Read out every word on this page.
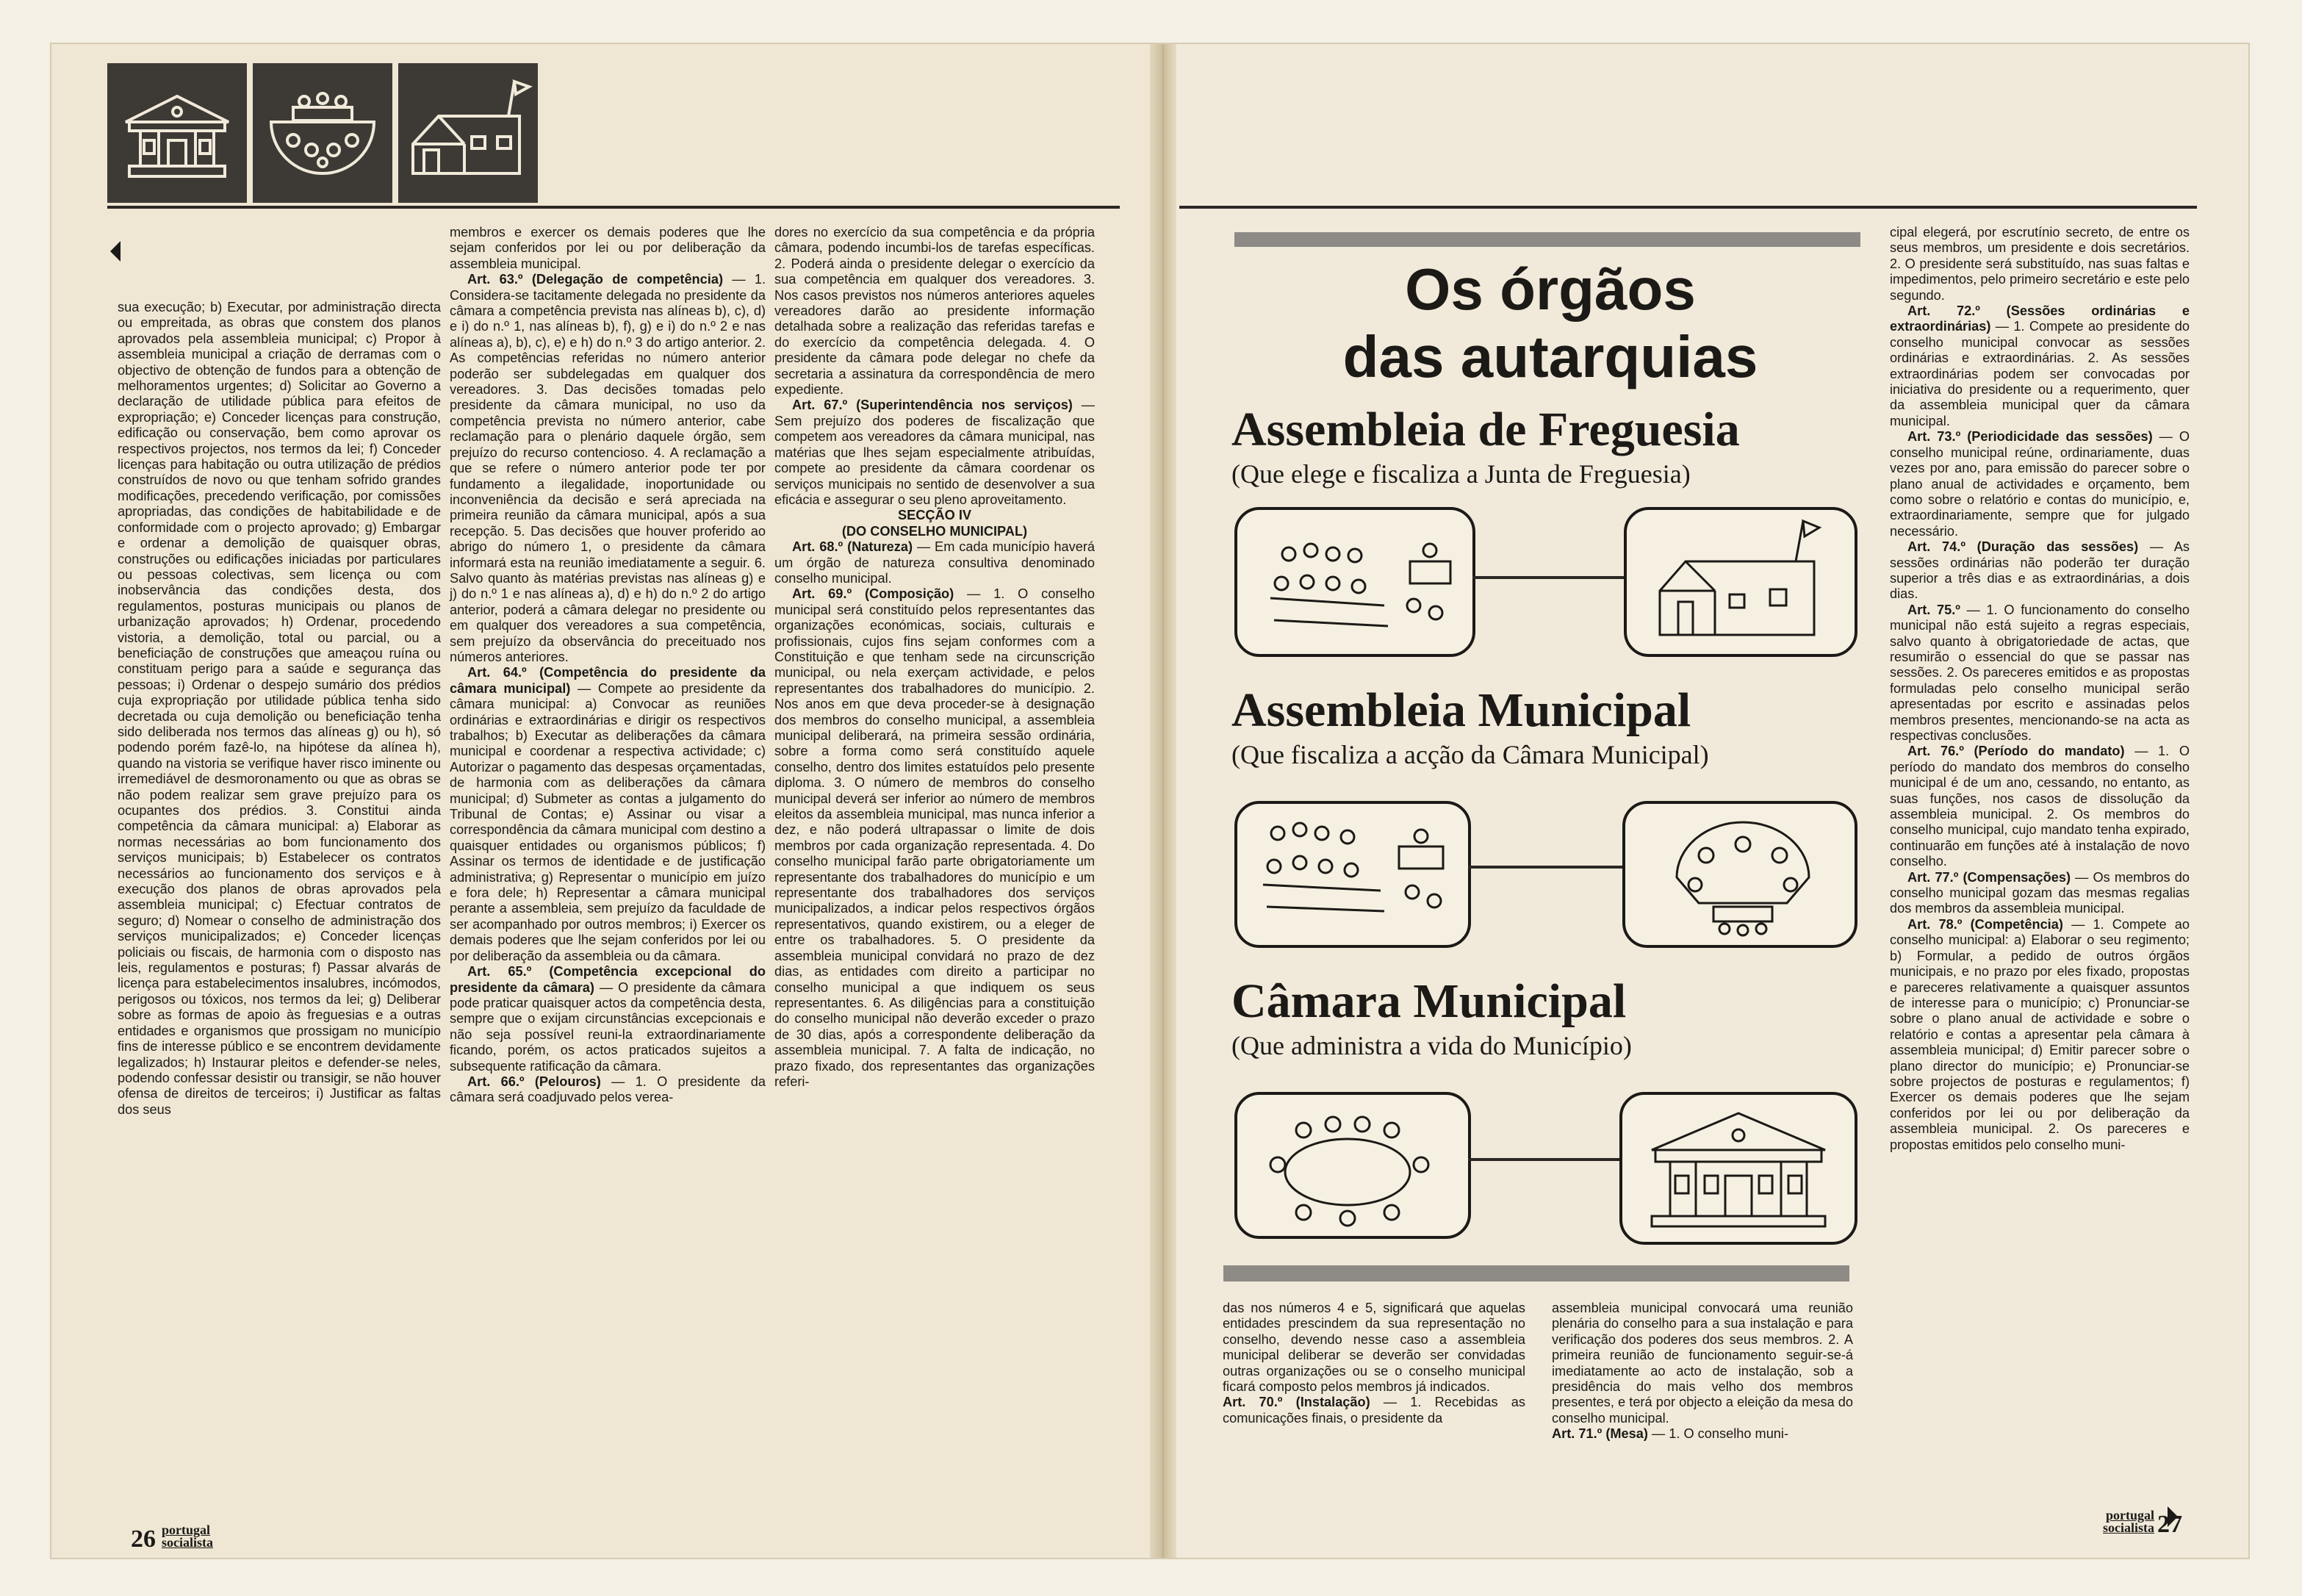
sua execução; b) Executar, por administração directa ou empreitada, as obras que constem dos planos aprovados pela assembleia municipal; c) Propor à assembleia municipal a criação de derramas com o objectivo de obtenção de fundos para a obtenção de melhoramentos urgentes; d) Solicitar ao Governo a declaração de utilidade pública para efeitos de expropriação; e) Conceder licenças para construção, edificação ou conservação, bem como aprovar os respectivos projectos, nos termos da lei; f) Conceder licenças para habitação ou outra utilização de prédios construídos de novo ou que tenham sofrido grandes modificações, precedendo verificação, por comissões apropriadas, das condições de habitabilidade e de conformidade com o projecto aprovado; g) Embargar e ordenar a demolição de quaisquer obras, construções ou edificações iniciadas por particulares ou pessoas colectivas, sem licença ou com inobservância das condições desta, dos regulamentos, posturas municipais ou planos de urbanização aprovados; h) Ordenar, procedendo vistoria, a demolição, total ou parcial, ou a beneficiação de construções que ameaçou ruína ou constituam perigo para a saúde e segurança das pessoas; i) Ordenar o despejo sumário dos prédios cuja expropriação por utilidade pública tenha sido decretada ou cuja demolição ou beneficiação tenha sido deliberada nos termos das alíneas g) ou h), só podendo porém fazê-lo, na hipótese da alínea h), quando na vistoria se verifique haver risco iminente ou irremediável de desmoronamento ou que as obras se não podem realizar sem grave prejuízo para os ocupantes dos prédios. 3. Constitui ainda competência da câmara municipal: a) Elaborar as normas necessárias ao bom funcionamento dos serviços municipais; b) Estabelecer os contratos necessários ao funcionamento dos serviços e à execução dos planos de obras aprovados pela assembleia municipal; c) Efectuar contratos de seguro; d) Nomear o conselho de administração dos serviços municipalizados; e) Conceder licenças policiais ou fiscais, de harmonia com o disposto nas leis, regulamentos e posturas; f) Passar alvarás de licença para estabelecimentos insalubres, incómodos, perigosos ou tóxicos, nos termos da lei; g) Deliberar sobre as formas de apoio às freguesias e a outras entidades e organismos que prossigam no município fins de interesse público e se encontrem devidamente legalizados; h) Instaurar pleitos e defender-se neles, podendo confessar desistir ou transigir, se não houver ofensa de direitos de terceiros; i) Justificar as faltas dos seus

membros e exercer os demais poderes que lhe sejam conferidos por lei ou por deliberação da assembleia municipal.

Art. 63.º (Delegação de competência) — 1. Considera-se tacitamente delegada no presidente da câmara a competência prevista nas alíneas b), c), d) e i) do n.º 1, nas alíneas b), f), g) e i) do n.º 2 e nas alíneas a), b), c), e) e h) do n.º 3 do artigo anterior. 2. As competências referidas no número anterior poderão ser subdelegadas em qualquer dos vereadores. 3. Das decisões tomadas pelo presidente da câmara municipal, no uso da competência prevista no número anterior, cabe reclamação para o plenário daquele órgão, sem prejuízo do recurso contencioso. 4. A reclamação a que se refere o número anterior pode ter por fundamento a ilegalidade, inoportunidade ou inconveniência da decisão e será apreciada na primeira reunião da câmara municipal, após a sua recepção. 5. Das decisões que houver proferido ao abrigo do número 1, o presidente da câmara informará esta na reunião imediatamente a seguir. 6. Salvo quanto às matérias previstas nas alíneas g) e j) do n.º 1 e nas alíneas a), d) e h) do n.º 2 do artigo anterior, poderá a câmara delegar no presidente ou em qualquer dos vereadores a sua competência, sem prejuízo da observância do preceituado nos números anteriores.

Art. 64.º (Competência do presidente da câmara municipal) — Compete ao presidente da câmara municipal: a) Convocar as reuniões ordinárias e extraordinárias e dirigir os respectivos trabalhos; b) Executar as deliberações da câmara municipal e coordenar a respectiva actividade; c) Autorizar o pagamento das despesas orçamentadas, de harmonia com as deliberações da câmara municipal; d) Submeter as contas a julgamento do Tribunal de Contas; e) Assinar ou visar a correspondência da câmara municipal com destino a quaisquer entidades ou organismos públicos; f) Assinar os termos de identidade e de justificação administrativa; g) Representar o município em juízo e fora dele; h) Representar a câmara municipal perante a assembleia, sem prejuízo da faculdade de ser acompanhado por outros membros; i) Exercer os demais poderes que lhe sejam conferidos por lei ou por deliberação da assembleia ou da câmara.

Art. 65.º (Competência excepcional do presidente da câmara) — O presidente da câmara pode praticar quaisquer actos da competência desta, sempre que o exijam circunstâncias excepcionais e não seja possível reuni-la extraordinariamente ficando, porém, os actos praticados sujeitos a subsequente ratificação da câmara.

Art. 66.º (Pelouros) — 1. O presidente da câmara será coadjuvado pelos verea-

dores no exercício da sua competência e da própria câmara, podendo incumbi-los de tarefas específicas. 2. Poderá ainda o presidente delegar o exercício da sua competência em qualquer dos vereadores. 3. Nos casos previstos nos números anteriores aqueles vereadores darão ao presidente informação detalhada sobre a realização das referidas tarefas e do exercício da competência delegada. 4. O presidente da câmara pode delegar no chefe da secretaria a assinatura da correspondência de mero expediente.

Art. 67.º (Superintendência nos serviços) — Sem prejuízo dos poderes de fiscalização que competem aos vereadores da câmara municipal, nas matérias que lhes sejam especialmente atribuídas, compete ao presidente da câmara coordenar os serviços municipais no sentido de desenvolver a sua eficácia e assegurar o seu pleno aproveitamento.

SECÇÃO IV

(DO CONSELHO MUNICIPAL)

Art. 68.º (Natureza) — Em cada município haverá um órgão de natureza consultiva denominado conselho municipal.

Art. 69.º (Composição) — 1. O conselho municipal será constituído pelos representantes das organizações económicas, sociais, culturais e profissionais, cujos fins sejam conformes com a Constituição e que tenham sede na circunscrição municipal, ou nela exerçam actividade, e pelos representantes dos trabalhadores do município. 2. Nos anos em que deva proceder-se à designação dos membros do conselho municipal, a assembleia municipal deliberará, na primeira sessão ordinária, sobre a forma como será constituído aquele conselho, dentro dos limites estatuídos pelo presente diploma. 3. O número de membros do conselho municipal deverá ser inferior ao número de membros eleitos da assembleia municipal, mas nunca inferior a dez, e não poderá ultrapassar o limite de dois membros por cada organização representada. 4. Do conselho municipal farão parte obrigatoriamente um representante dos trabalhadores do município e um representante dos trabalhadores dos serviços municipalizados, a indicar pelos respectivos órgãos representativos, quando existirem, ou a eleger de entre os trabalhadores. 5. O presidente da assembleia municipal convidará no prazo de dez dias, as entidades com direito a participar no conselho municipal a que indiquem os seus representantes. 6. As diligências para a constituição do conselho municipal não deverão exceder o prazo de 30 dias, após a correspondente deliberação da assembleia municipal. 7. A falta de indicação, no prazo fixado, dos representantes das organizações referi-

26 portugal socialista
Os órgãos
das autarquias
Assembleia de Freguesia
(Que elege e fiscaliza a Junta de Freguesia)
Assembleia Municipal
(Que fiscaliza a acção da Câmara Municipal)
Câmara Municipal
(Que administra a vida do Município)

das nos números 4 e 5, significará que aquelas entidades prescindem da sua representação no conselho, devendo nesse caso a assembleia municipal deliberar se deverão ser convidadas outras organizações ou se o conselho municipal ficará composto pelos membros já indicados.

Art. 70.º (Instalação) — 1. Recebidas as comunicações finais, o presidente da

assembleia municipal convocará uma reunião plenária do conselho para a sua instalação e para verificação dos poderes dos seus membros. 2. A primeira reunião de funcionamento seguir-se-á imediatamente ao acto de instalação, sob a presidência do mais velho dos membros presentes, e terá por objecto a eleição da mesa do conselho municipal.

Art. 71.º (Mesa) — 1. O conselho muni-

cipal elegerá, por escrutínio secreto, de entre os seus membros, um presidente e dois secretários. 2. O presidente será substituído, nas suas faltas e impedimentos, pelo primeiro secretário e este pelo segundo.

Art. 72.º (Sessões ordinárias e extraordinárias) — 1. Compete ao presidente do conselho municipal convocar as sessões ordinárias e extraordinárias. 2. As sessões extraordinárias podem ser convocadas por iniciativa do presidente ou a requerimento, quer da assembleia municipal quer da câmara municipal.

Art. 73.º (Periodicidade das sessões) — O conselho municipal reúne, ordinariamente, duas vezes por ano, para emissão do parecer sobre o plano anual de actividades e orçamento, bem como sobre o relatório e contas do município, e, extraordinariamente, sempre que for julgado necessário.

Art. 74.º (Duração das sessões) — As sessões ordinárias não poderão ter duração superior a três dias e as extraordinárias, a dois dias.

Art. 75.º — 1. O funcionamento do conselho municipal não está sujeito a regras especiais, salvo quanto à obrigatoriedade de actas, que resumirão o essencial do que se passar nas sessões. 2. Os pareceres emitidos e as propostas formuladas pelo conselho municipal serão apresentadas por escrito e assinadas pelos membros presentes, mencionando-se na acta as respectivas conclusões.

Art. 76.º (Período do mandato) — 1. O período do mandato dos membros do conselho municipal é de um ano, cessando, no entanto, as suas funções, nos casos de dissolução da assembleia municipal. 2. Os membros do conselho municipal, cujo mandato tenha expirado, continuarão em funções até à instalação de novo conselho.

Art. 77.º (Compensações) — Os membros do conselho municipal gozam das mesmas regalias dos membros da assembleia municipal.

Art. 78.º (Competência) — 1. Compete ao conselho municipal: a) Elaborar o seu regimento; b) Formular, a pedido de outros órgãos municipais, e no prazo por eles fixado, propostas e pareceres relativamente a quaisquer assuntos de interesse para o município; c) Pronunciar-se sobre o plano anual de actividade e sobre o relatório e contas a apresentar pela câmara à assembleia municipal; d) Emitir parecer sobre o plano director do município; e) Pronunciar-se sobre projectos de posturas e regulamentos; f) Exercer os demais poderes que lhe sejam conferidos por lei ou por deliberação da assembleia municipal. 2. Os pareceres e propostas emitidos pelo conselho muni-

portugal socialista 27
